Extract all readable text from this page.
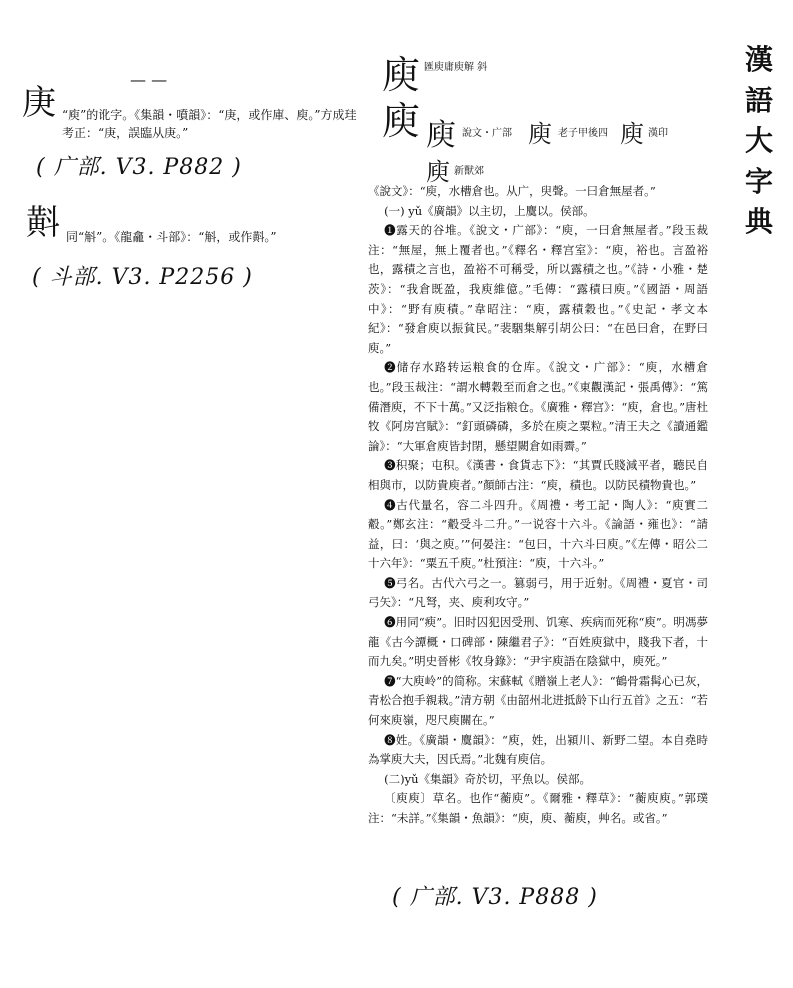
— —
庚 “庾”的讹字。《集韻・噴韻》：“庚，或作庫、庾。”方成珪考正：“庚，誤臨从庚。”
( 广部. V3. P882 )
斢 同“斛”。《龍龕・斗部》：“斛，或作斢。”
( 斗部. V3. P2256 )
漢
語
大
字
典
庾 匯庾庸庾解 斜
庾 庾 說文・广部 庾 老子甲後四 庾 漢印
庾 新獸郊

《說文》：“庾，水槽倉也。从广，臾聲。一曰倉無屋者。”

(一) yǔ《廣韻》以主切，上麌以。侯部。

❶露天的谷堆。《說文・广部》：“庾，一曰倉無屋者。”段玉裁注：“無屋，無上覆者也。”《釋名・釋宫室》：“庾，裕也。言盈裕也，露積之言也，盈裕不可稱受，所以露積之也。”《詩・小雅・楚茨》：“我倉既盈，我庾維億。”毛傳：“露積曰庾。”《國語・周語中》：“野有庾積。”韋昭注：“庾，露積穀也。”《史記・孝文本紀》：“發倉庾以振貧民。”裴駰集解引胡公曰：“在邑曰倉，在野曰庾。”

❷储存水路转运粮食的仓库。《說文・广部》：“庾，水槽倉也。”段玉裁注：“謂水轉穀至而倉之也。”《東觀漢記・張禹傳》：“篤備潛庾，不下十萬。”又泛指粮仓。《廣雅・釋宫》：“庾，倉也。”唐杜牧《阿房宫賦》：“釘頭磷磷，多於在庾之粟粒。”清王夫之《讀通鑑論》：“大軍倉庾皆封閉，懸望闕倉如雨霽。”

❸积聚；屯积。《漢書・食貨志下》：“其賈氏賤減平者，聽民自相與市，以防貴庾者。”顏師古注：“庾，積也。以防民積物貴也。”

❹古代量名，容二斗四升。《周禮・考工記・陶人》：“庾實二觳。”鄭玄注：“觳受斗二升。”一说容十六斗。《論語・雍也》：“請益，曰：‘與之庾。’”何晏注：“包曰，十六斗曰庾。”《左傳・昭公二十六年》：“粟五千庾。”杜預注：“庾，十六斗。”

❺弓名。古代六弓之一。篡弱弓，用于近射。《周禮・夏官・司弓矢》：“凡弩，夹、庾利攻守。”

❻用同“瘐”。旧时囚犯因受刑、饥寒、疾病而死称“庾”。明馮夢龍《古今譚概・口碑部・陳繼君子》：“百姓庾獄中，賤我下者，十而九矣。”明史晉彬《牧身錄》：“尹宇庾語在陰獄中，庾死。”

❼“大庾岭”的简称。宋蘇軾《贈嶺上老人》：“鶴骨霜髯心已灰，青松合抱手親栽。”清方朝《由韶州北进抵龄下山行五首》之五：“若何來庾嶺，咫尺庾關在。”

❽姓。《廣韻・麌韻》：“庾，姓，出潁川、新野二望。本自堯時為掌庾大夫，因氏焉。”北魏有庾信。

(二)yǔ《集韻》奇於切，平魚以。侯部。

〔庾庾〕草名。也作“蘅庾”。《爾雅・釋草》：“蘅庾庾。”郭璞注：“未詳。”《集韻・魚韻》：“庾，庾、蘅庾，艸名。或省。”

( 广部. V3. P888 )
